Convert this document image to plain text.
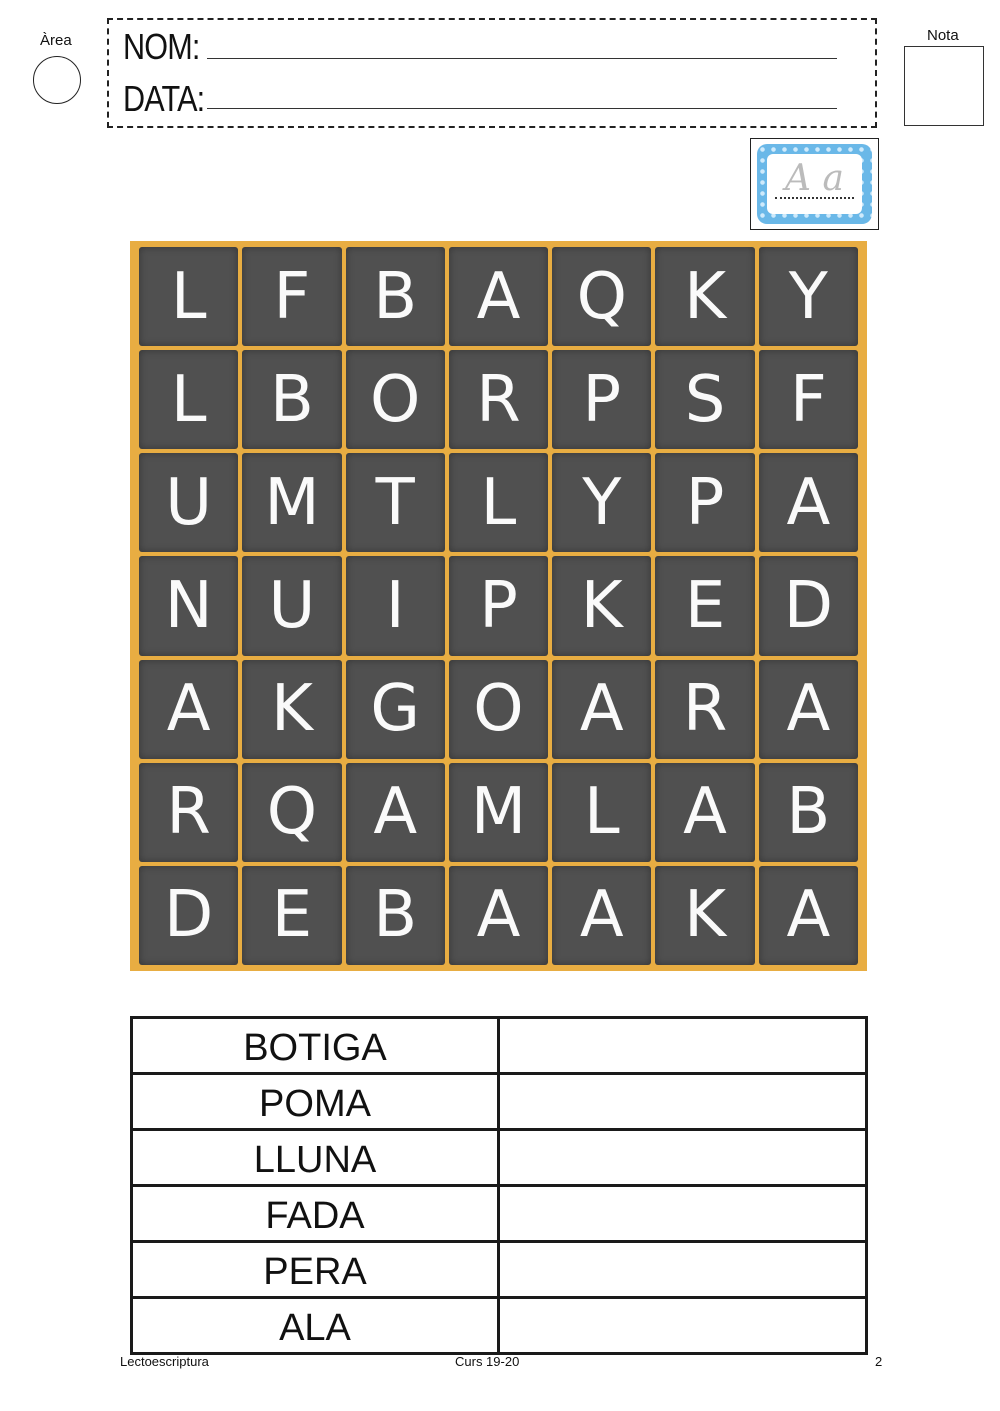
Àrea NOM:
DATA:
Nota
A a
L	F B A Q K Y
L B O R P S	F
U M T	L	Y	P A
N U	I	P K E D
A K G O A R A
R Q A M L A B
D E B A A K A
BOTIGA	
POMA	
LLUNA	
FADA	
PERA	
ALA	
Lectoescriptura	Curs 19-20	2
